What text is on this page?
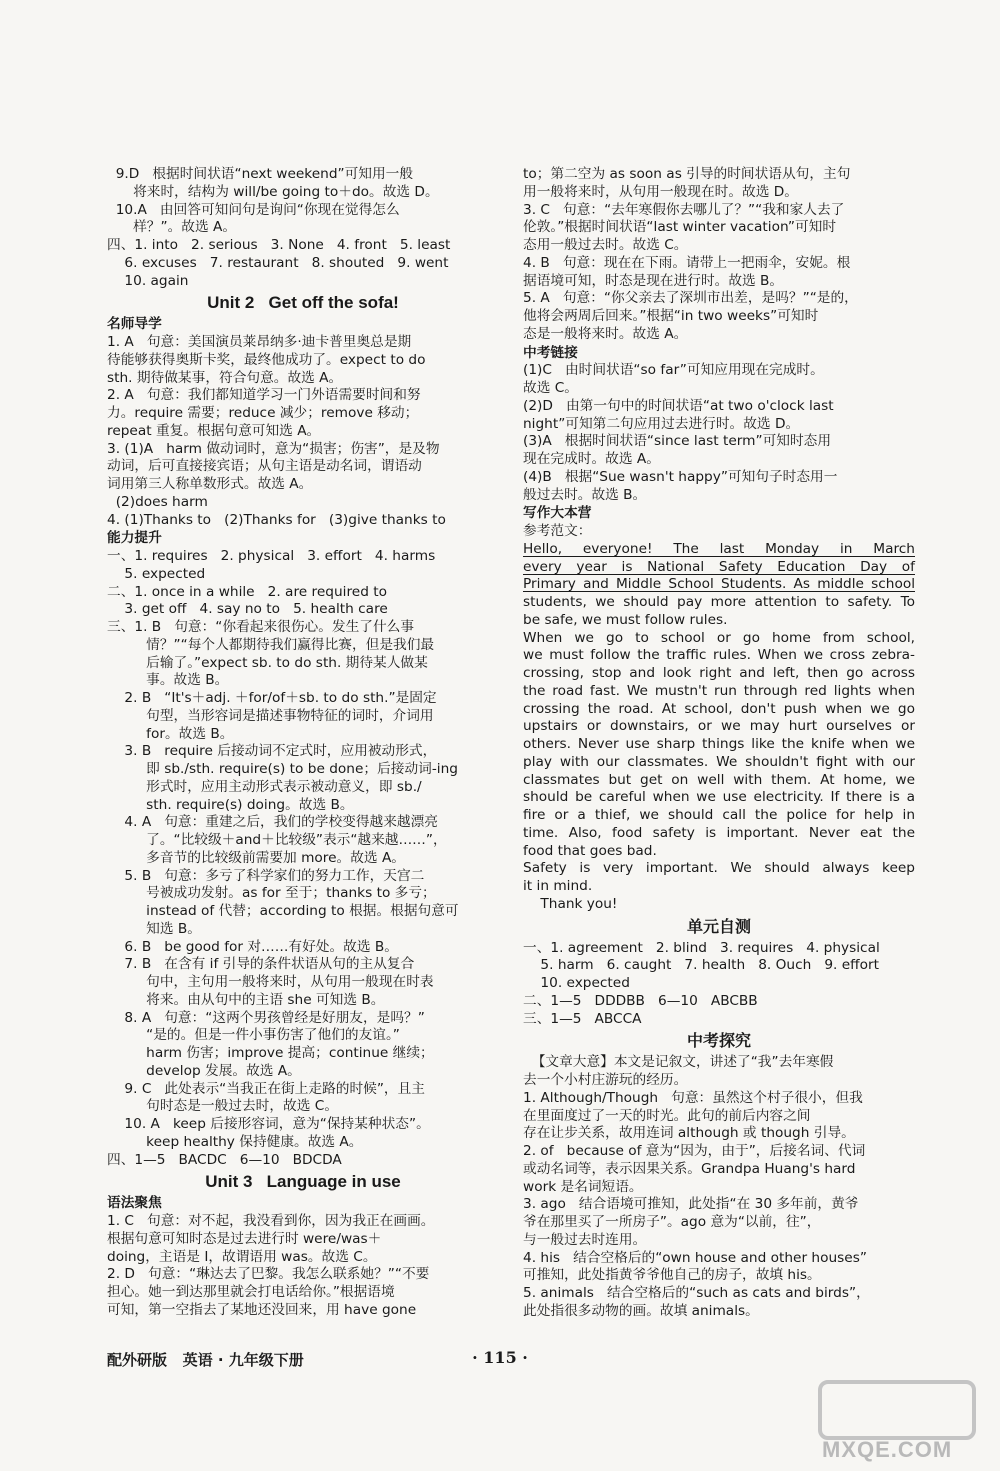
9.D   根据时间状语“next weekend”可知用一般
将来时，结构为 will/be going to＋do。故选 D。
10.A   由回答可知问句是询问“你现在觉得怎么
样？”。故选 A。
四、1. into   2. serious   3. None   4. front   5. least
6. excuses   7. restaurant   8. shouted   9. went
10. again
Unit 2   Get off the sofa!
名师导学
1. A   句意：美国演员莱昂纳多·迪卡普里奥总是期
待能够获得奥斯卡奖，最终他成功了。expect to do
sth. 期待做某事，符合句意。故选 A。
2. A   句意：我们都知道学习一门外语需要时间和努
力。require 需要；reduce 减少；remove 移动；
repeat 重复。根据句意可知选 A。
3. (1)A   harm 做动词时，意为“损害；伤害”，是及物
动词，后可直接接宾语；从句主语是动名词，谓语动
词用第三人称单数形式。故选 A。
(2)does harm
4. (1)Thanks to   (2)Thanks for   (3)give thanks to
能力提升
一、1. requires   2. physical   3. effort   4. harms
5. expected
二、1. once in a while   2. are required to
3. get off   4. say no to   5. health care
三、1. B   句意：“你看起来很伤心。发生了什么事
情？”“每个人都期待我们赢得比赛，但是我们最
后输了。”expect sb. to do sth. 期待某人做某
事。故选 B。
2. B   “It's＋adj. ＋for/of＋sb. to do sth.”是固定
句型，当形容词是描述事物特征的词时，介词用
for。故选 B。
3. B   require 后接动词不定式时，应用被动形式，
即 sb./sth. require(s) to be done；后接动词-ing
形式时，应用主动形式表示被动意义，即 sb./
sth. require(s) doing。故选 B。
4. A   句意：重建之后，我们的学校变得越来越漂亮
了。“比较级＋and＋比较级”表示“越来越……”，
多音节的比较级前需要加 more。故选 A。
5. B   句意：多亏了科学家们的努力工作，天宫二
号被成功发射。as for 至于；thanks to 多亏；
instead of 代替；according to 根据。根据句意可
知选 B。
6. B   be good for 对……有好处。故选 B。
7. B   在含有 if 引导的条件状语从句的主从复合
句中，主句用一般将来时，从句用一般现在时表
将来。由从句中的主语 she 可知选 B。
8. A   句意：“这两个男孩曾经是好朋友，是吗？”
“是的。但是一件小事伤害了他们的友谊。”
harm 伤害；improve 提高；continue 继续；
develop 发展。故选 A。
9. C   此处表示“当我正在街上走路的时候”，且主
句时态是一般过去时，故选 C。
10. A   keep 后接形容词，意为“保持某种状态”。
keep healthy 保持健康。故选 A。
四、1—5   BACDC   6—10   BDCDA
Unit 3   Language in use
语法聚焦
1. C   句意：对不起，我没看到你，因为我正在画画。
根据句意可知时态是过去进行时 were/was＋
doing，主语是 I，故谓语用 was。故选 C。
2. D   句意：“琳达去了巴黎。我怎么联系她？”“不要
担心。她一到达那里就会打电话给你。”根据语境
可知，第一空指去了某地还没回来，用 have gone
to；第二空为 as soon as 引导的时间状语从句，主句
用一般将来时，从句用一般现在时。故选 D。
3. C   句意：“去年寒假你去哪儿了？”“我和家人去了
伦敦。”根据时间状语“last winter vacation”可知时
态用一般过去时。故选 C。
4. B   句意：现在在下雨。请带上一把雨伞，安妮。根
据语境可知，时态是现在进行时。故选 B。
5. A   句意：“你父亲去了深圳市出差，是吗？”“是的，
他将会两周后回来。”根据“in two weeks”可知时
态是一般将来时。故选 A。
中考链接
(1)C   由时间状语“so far”可知应用现在完成时。
故选 C。
(2)D   由第一句中的时间状语“at two o'clock last
night”可知第二句应用过去进行时。故选 D。
(3)A   根据时间状语“since last term”可知时态用
现在完成时。故选 A。
(4)B   根据“Sue wasn't happy”可知句子时态用一
般过去时。故选 B。
写作大本营
参考范文：
Hello, everyone! The last Monday in March
every year is National Safety Education Day of
Primary and Middle School Students. As middle school
students, we should pay more attention to safety. To
be safe, we must follow rules.
When we go to school or go home from school,
we must follow the traffic rules. When we cross zebra-
crossing, stop and look right and left, then go across
the road fast. We mustn't run through red lights when
crossing the road. At school, don't push when we go
upstairs or downstairs, or we may hurt ourselves or
others. Never use sharp things like the knife when we
play with our classmates. We shouldn't fight with our
classmates but get on well with them. At home, we
should be careful when we use electricity. If there is a
fire or a thief, we should call the police for help in
time. Also, food safety is important. Never eat the
food that goes bad.
Safety is very important. We should always keep
it in mind.
Thank you!
单元自测
一、1. agreement   2. blind   3. requires   4. physical
5. harm   6. caught   7. health   8. Ouch   9. effort
10. expected
二、1—5   DDDBB   6—10   ABCBB
三、1—5   ABCCA
中考探究
【文章大意】本文是记叙文，讲述了“我”去年寒假
去一个小村庄游玩的经历。
1. Although/Though   句意：虽然这个村子很小，但我
在里面度过了一天的时光。此句的前后内容之间
存在让步关系，故用连词 although 或 though 引导。
2. of   because of 意为“因为，由于”，后接名词、代词
或动名词等，表示因果关系。Grandpa Huang's hard
work 是名词短语。
3. ago   结合语境可推知，此处指“在 30 多年前，黄爷
爷在那里买了一所房子”。ago 意为“以前，往”，
与一般过去时连用。
4. his   结合空格后的“own house and other houses”
可推知，此处指黄爷爷他自己的房子，故填 his。
5. animals   结合空格后的“such as cats and birds”，
此处指很多动物的画。故填 animals。
配外研版   英语 · 九年级下册	· 115 ·
MXQE.COM
